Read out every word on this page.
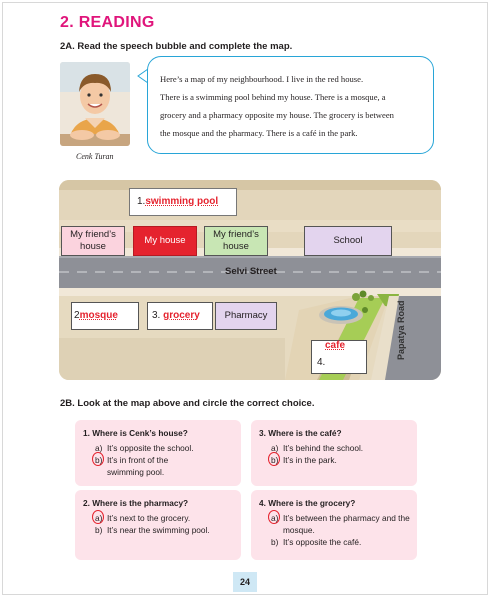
2. READING
2A. Read the speech bubble and complete the map.
Cenk Turan

Here’s a map of my neighbourhood. I live in the red house.

There is a swimming pool behind my house. There is a mosque, a

grocery and a pharmacy opposite my house. The grocery is between

the mosque and the pharmacy. There is a café in the park.

1. swimming pool
My friend’s
house
My house
My friend’s
house
School
2 mosque	3.
grocery	Pharmacy
4.
cafe
Selvi Street
Papatya Road
2B. Look at the map above and circle the correct choice.
1. Where is Cenk’s house?
a) It’s opposite the school.
b) It’s in front of the
swimming pool.
3. Where is the café?
a) It’s behind the school.
b) It’s in the park.
2. Where is the pharmacy?
a) It’s next to the grocery.
b) It’s near the swimming pool.
4. Where is the grocery?
a) It’s between the pharmacy and the
mosque.
b) It’s opposite the café.
24
